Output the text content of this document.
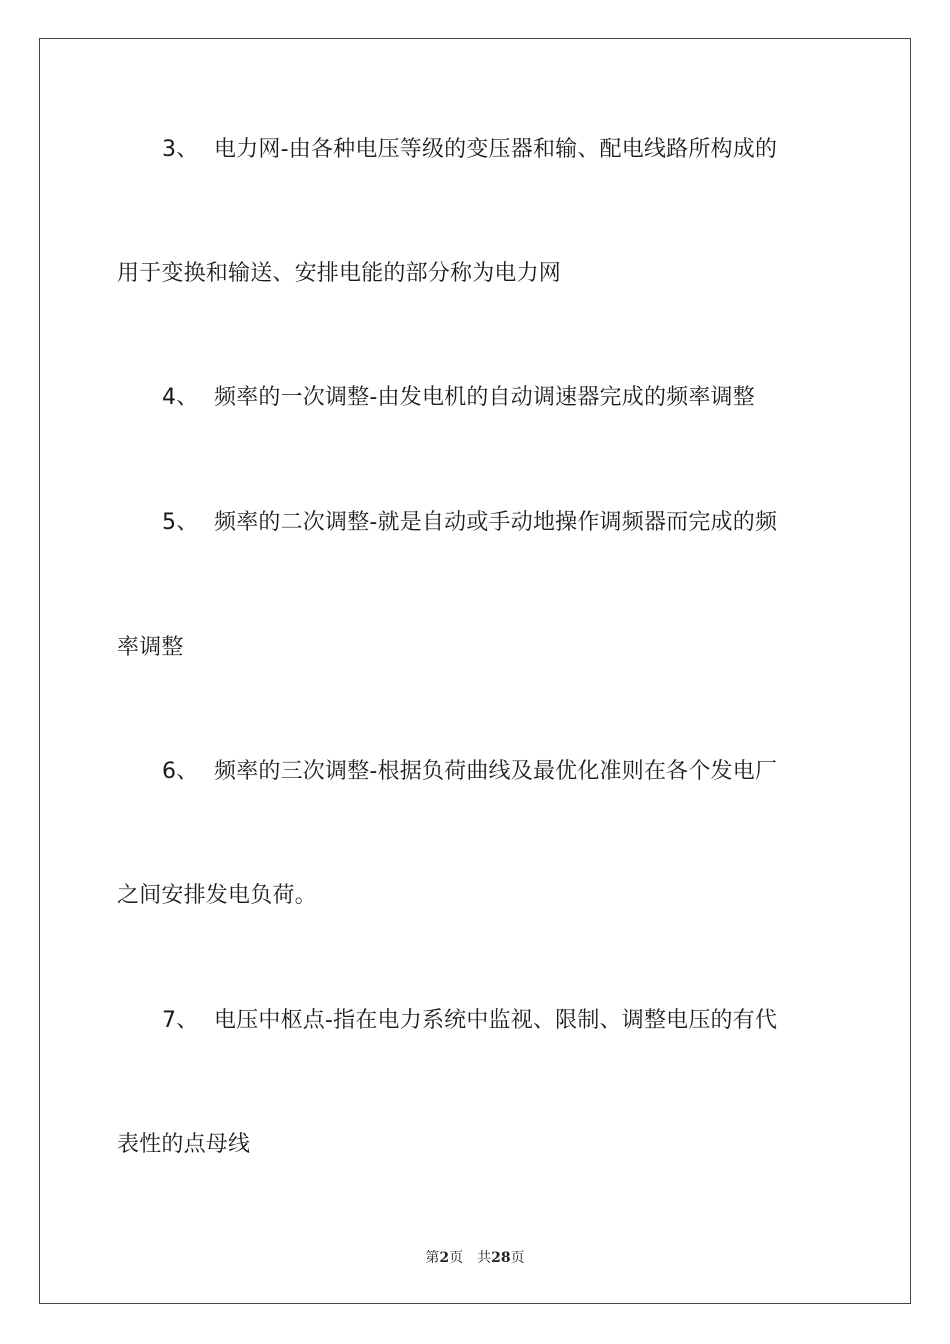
3、 电力网-由各种电压等级的变压器和输、配电线路所构成的
用于变换和输送、安排电能的部分称为电力网
4、 频率的一次调整-由发电机的自动调速器完成的频率调整
5、 频率的二次调整-就是自动或手动地操作调频器而完成的频
率调整
6、 频率的三次调整-根据负荷曲线及最优化准则在各个发电厂
之间安排发电负荷。
7、 电压中枢点-指在电力系统中监视、限制、调整电压的有代
表性的点母线
第2页 共28页
